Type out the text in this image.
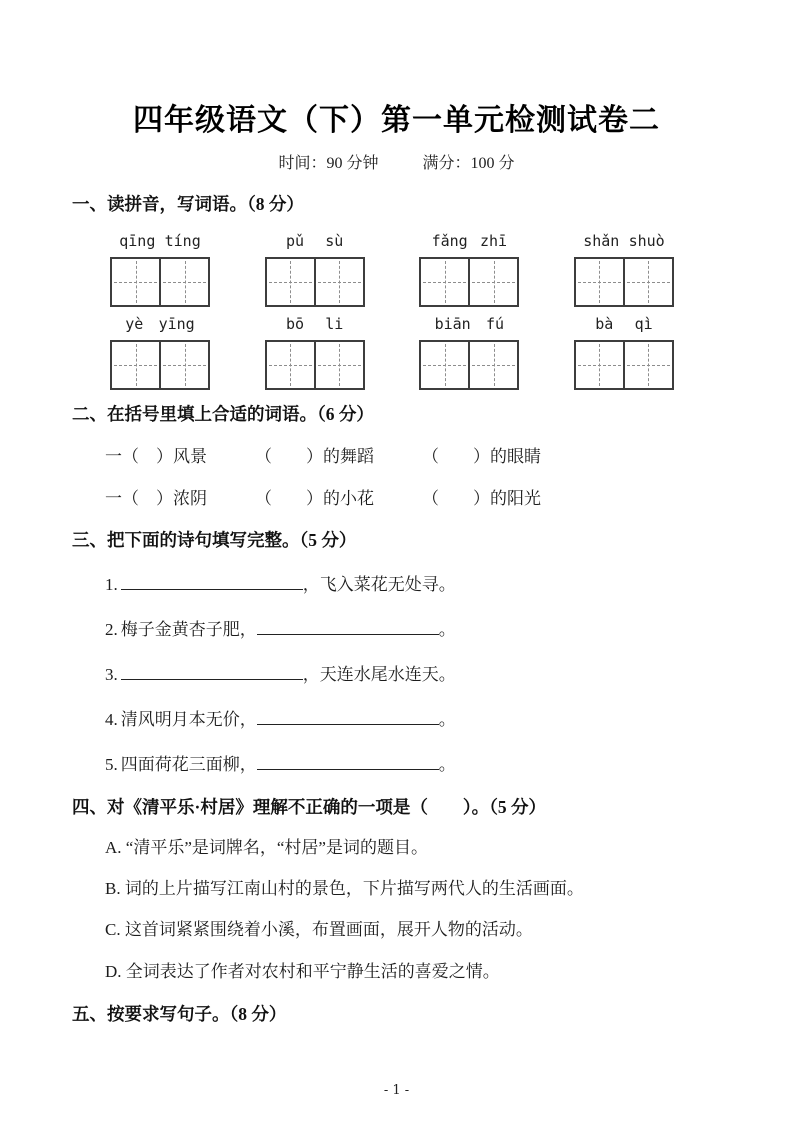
四年级语文（下）第一单元检测试卷二
时间：90 分钟	满分：100 分
一、读拼音，写词语。（8 分）
qīng tíng	pǔ sù	fǎng zhī	shǎn shuò
yè yīng	bō li	biān fú	bà qì
二、在括号里填上合适的词语。（6 分）
一（　）风景	（　　）的舞蹈	（　　）的眼睛
一（　）浓阴	（　　）的小花	（　　）的阳光
三、把下面的诗句填写完整。（5 分）
1.	，飞入菜花无处寻。
2. 梅子金黄杏子肥，	。
3.	，天连水尾水连天。
4. 清风明月本无价，	。
5. 四面荷花三面柳，	。
四、对《清平乐·村居》理解不正确的一项是（　　）。（5 分）
A. “清平乐”是词牌名，“村居”是词的题目。
B. 词的上片描写江南山村的景色，下片描写两代人的生活画面。
C. 这首词紧紧围绕着小溪，布置画面，展开人物的活动。
D. 全词表达了作者对农村和平宁静生活的喜爱之情。
五、按要求写句子。（8 分）
- 1 -
